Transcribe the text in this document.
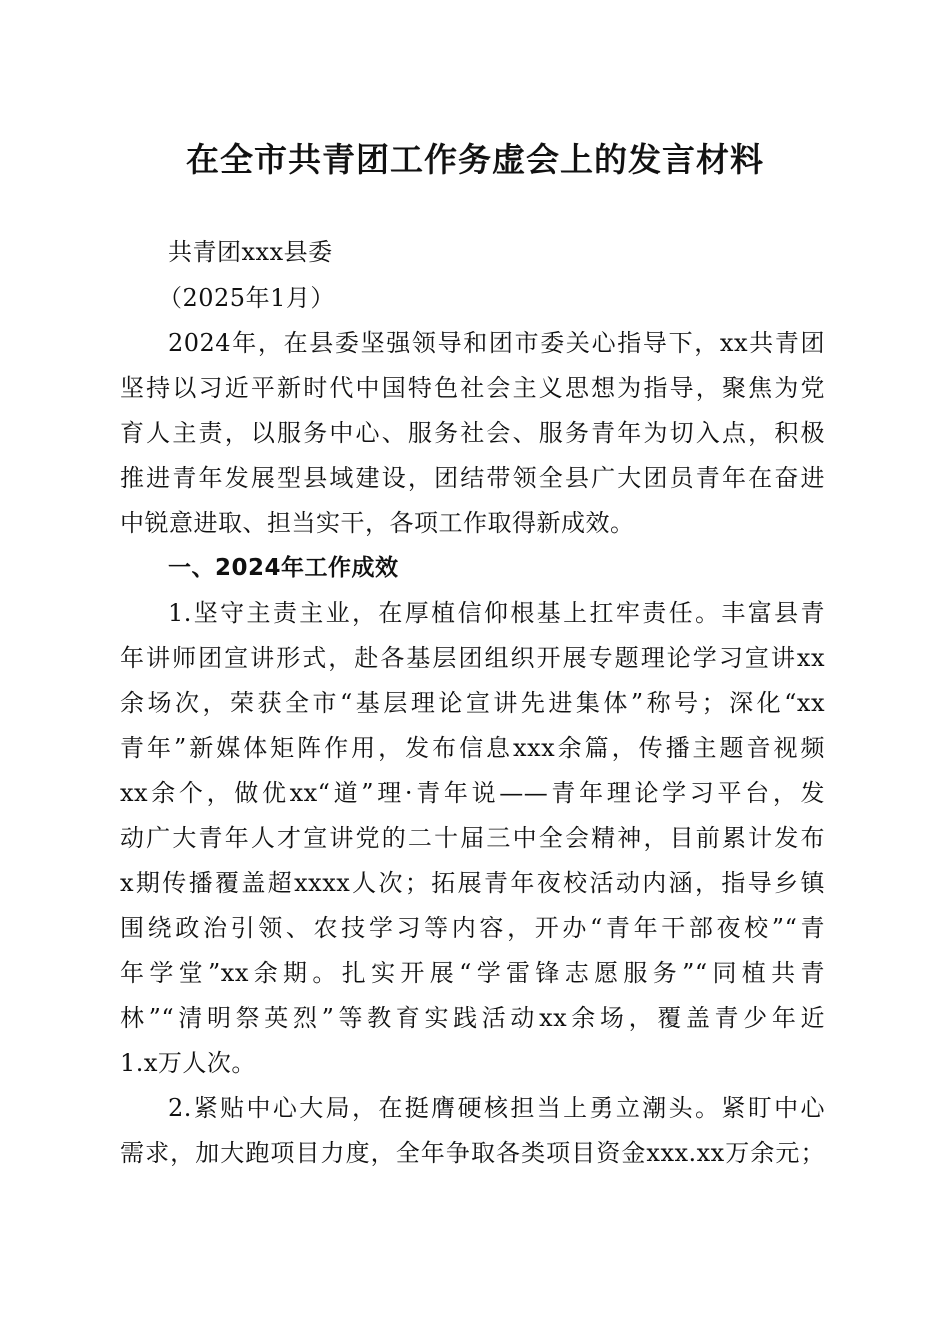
在全市共青团工作务虚会上的发言材料
共青团xxx县委
（2025年1月）
2024年，在县委坚强领导和团市委关心指导下，xx共青团
坚持以习近平新时代中国特色社会主义思想为指导，聚焦为党
育人主责，以服务中心、服务社会、服务青年为切入点，积极
推进青年发展型县域建设，团结带领全县广大团员青年在奋进
中锐意进取、担当实干，各项工作取得新成效。
一、2024年工作成效
1.坚守主责主业，在厚植信仰根基上扛牢责任。丰富县青
年讲师团宣讲形式，赴各基层团组织开展专题理论学习宣讲xx
余场次，荣获全市“基层理论宣讲先进集体”称号；深化“xx
青年”新媒体矩阵作用，发布信息xxx余篇，传播主题音视频
xx余个，做优xx“道”理·青年说——青年理论学习平台，发
动广大青年人才宣讲党的二十届三中全会精神，目前累计发布
x期传播覆盖超xxxx人次；拓展青年夜校活动内涵，指导乡镇
围绕政治引领、农技学习等内容，开办“青年干部夜校”“青
年学堂”xx余期。扎实开展“学雷锋志愿服务”“同植共青
林”“清明祭英烈”等教育实践活动xx余场，覆盖青少年近
1.x万人次。
2.紧贴中心大局，在挺膺硬核担当上勇立潮头。紧盯中心
需求，加大跑项目力度，全年争取各类项目资金xxx.xx万余元；
